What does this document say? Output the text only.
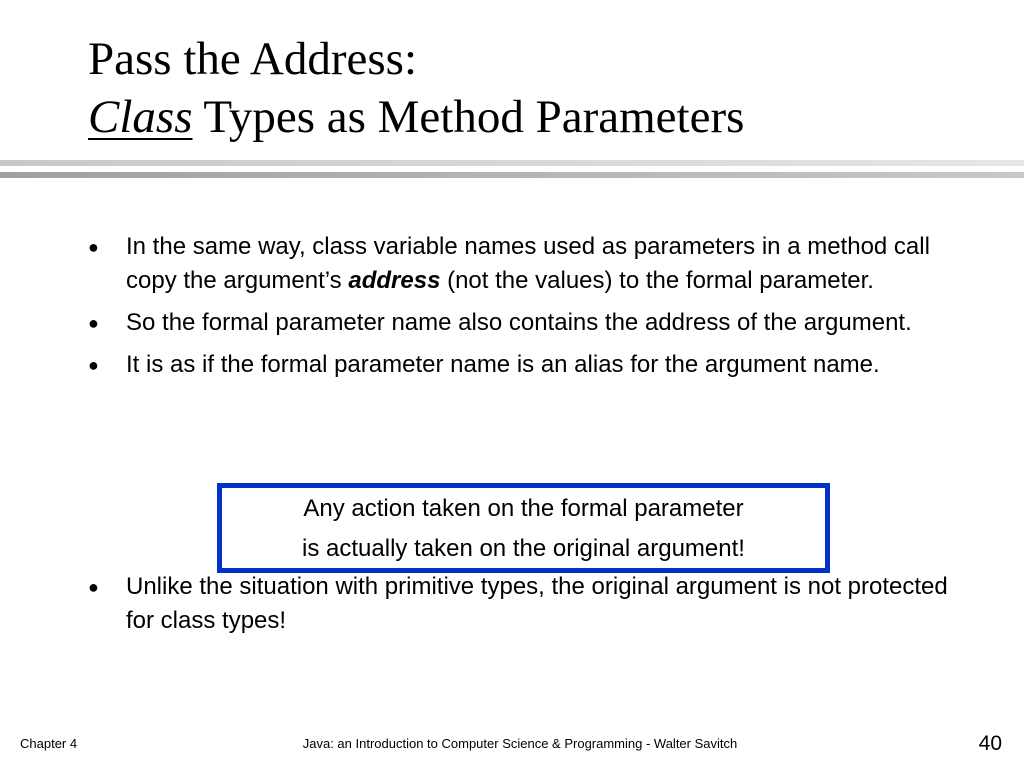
Pass the Address:
Class Types as Method Parameters
● In the same way, class variable names used as parameters in a method call copy the argument’s address (not the values) to the formal parameter.
● So the formal parameter name also contains the address of the argument.
● It is as if the formal parameter name is an alias for the argument name.
Any action taken on the formal parameter
is actually taken on the original argument!
● Unlike the situation with primitive types, the original argument is not protected for class types!
Chapter 4	Java: an Introduction to Computer Science & Programming - Walter Savitch	40
